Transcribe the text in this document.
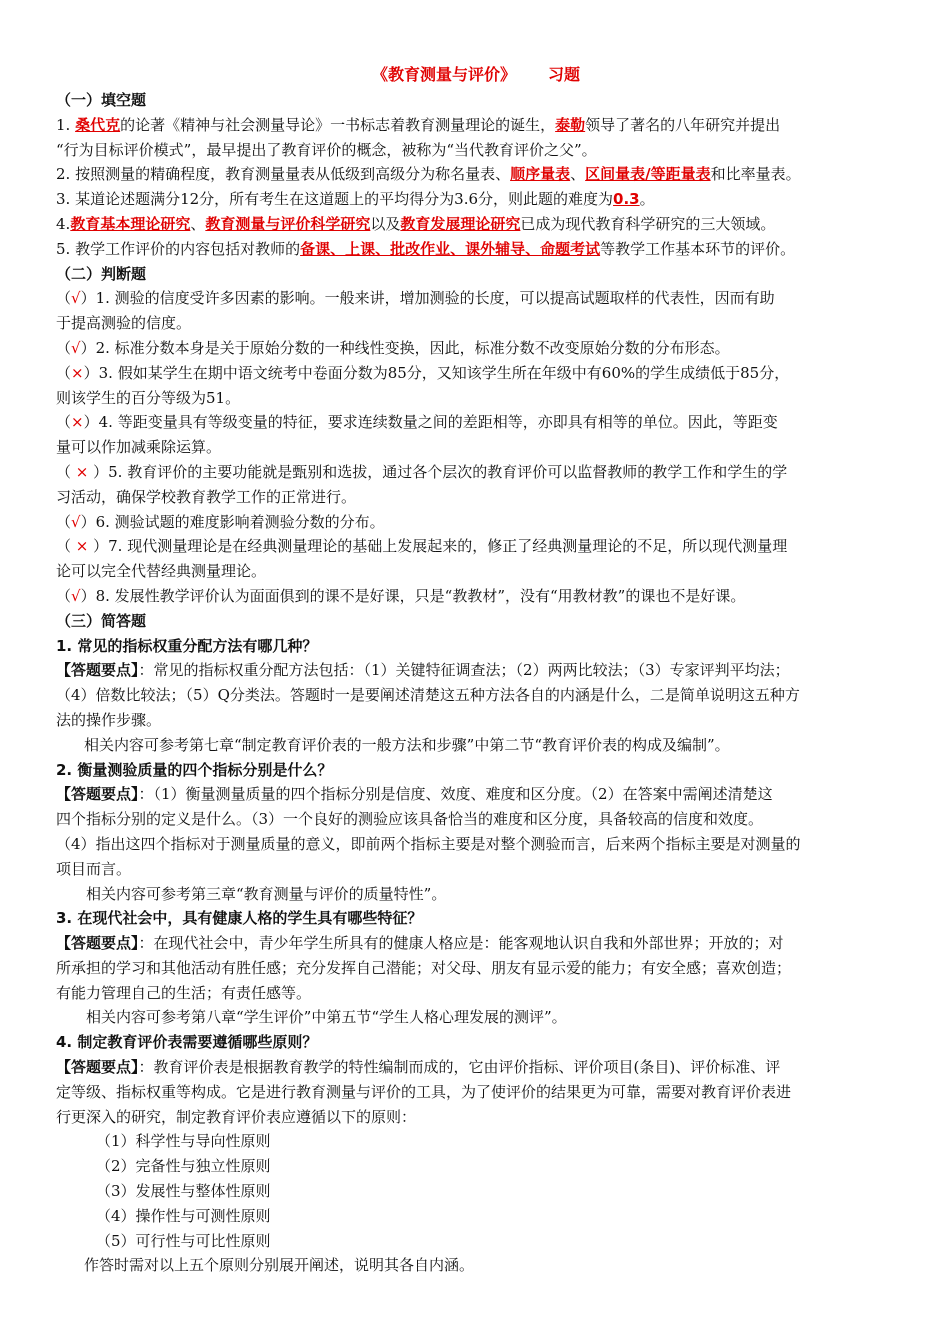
《教育测量与评价》 习题
（一）填空题
1. 桑代克的论著《精神与社会测量导论》一书标志着教育测量理论的诞生，泰勒领导了著名的八年研究并提出
“行为目标评价模式”，最早提出了教育评价的概念，被称为“当代教育评价之父”。
2. 按照测量的精确程度，教育测量量表从低级到高级分为称名量表、顺序量表、区间量表/等距量表和比率量表。
3. 某道论述题满分12分，所有考生在这道题上的平均得分为3.6分，则此题的难度为0.3。
4.教育基本理论研究、教育测量与评价科学研究以及教育发展理论研究已成为现代教育科学研究的三大领域。
5. 教学工作评价的内容包括对教师的备课、上课、批改作业、课外辅导、命题考试等教学工作基本环节的评价。
（二）判断题
（√）1. 测验的信度受许多因素的影响。一般来讲，增加测验的长度，可以提高试题取样的代表性，因而有助
于提高测验的信度。
（√）2. 标准分数本身是关于原始分数的一种线性变换，因此，标准分数不改变原始分数的分布形态。
（×）3. 假如某学生在期中语文统考中卷面分数为85分，又知该学生所在年级中有60%的学生成绩低于85分，
则该学生的百分等级为51。
（×）4. 等距变量具有等级变量的特征，要求连续数量之间的差距相等，亦即具有相等的单位。因此，等距变
量可以作加减乘除运算。
（ × ）5. 教育评价的主要功能就是甄别和选拔，通过各个层次的教育评价可以监督教师的教学工作和学生的学
习活动，确保学校教育教学工作的正常进行。
（√）6. 测验试题的难度影响着测验分数的分布。
（ × ）7. 现代测量理论是在经典测量理论的基础上发展起来的，修正了经典测量理论的不足，所以现代测量理
论可以完全代替经典测量理论。
（√）8. 发展性教学评价认为面面俱到的课不是好课，只是“教教材”，没有“用教材教”的课也不是好课。
（三）简答题
1. 常见的指标权重分配方法有哪几种？
【答题要点】：常见的指标权重分配方法包括：（1）关键特征调查法；（2）两两比较法；（3）专家评判平均法；
（4）倍数比较法；（5）Q分类法。答题时一是要阐述清楚这五种方法各自的内涵是什么，二是简单说明这五种方
法的操作步骤。
相关内容可参考第七章“制定教育评价表的一般方法和步骤”中第二节“教育评价表的构成及编制”。
2. 衡量测验质量的四个指标分别是什么？
【答题要点】：（1）衡量测量质量的四个指标分别是信度、效度、难度和区分度。（2）在答案中需阐述清楚这
四个指标分别的定义是什么。（3）一个良好的测验应该具备恰当的难度和区分度，具备较高的信度和效度。
（4）指出这四个指标对于测量质量的意义，即前两个指标主要是对整个测验而言，后来两个指标主要是对测量的
项目而言。
相关内容可参考第三章“教育测量与评价的质量特性”。
3. 在现代社会中，具有健康人格的学生具有哪些特征？
【答题要点】：在现代社会中，青少年学生所具有的健康人格应是：能客观地认识自我和外部世界；开放的；对
所承担的学习和其他活动有胜任感；充分发挥自己潜能；对父母、朋友有显示爱的能力；有安全感；喜欢创造；
有能力管理自己的生活；有责任感等。
相关内容可参考第八章“学生评价”中第五节“学生人格心理发展的测评”。
4. 制定教育评价表需要遵循哪些原则？
【答题要点】：教育评价表是根据教育教学的特性编制而成的，它由评价指标、评价项目(条目)、评价标准、评
定等级、指标权重等构成。它是进行教育测量与评价的工具，为了使评价的结果更为可靠，需要对教育评价表进
行更深入的研究，制定教育评价表应遵循以下的原则：
（1）科学性与导向性原则
（2）完备性与独立性原则
（3）发展性与整体性原则
（4）操作性与可测性原则
（5）可行性与可比性原则
作答时需对以上五个原则分别展开阐述，说明其各自内涵。
